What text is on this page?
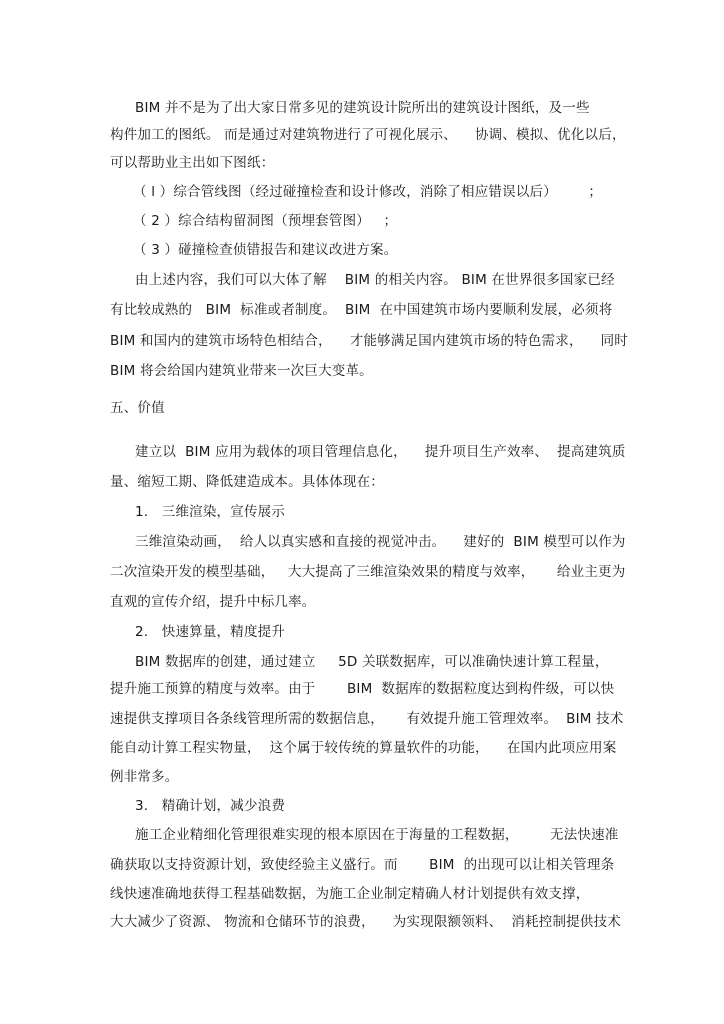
BIM 并不是为了出大家日常多见的建筑设计院所出的建筑设计图纸，及一些
构件加工的图纸。 而是通过对建筑物进行了可视化展示、    协调、模拟、优化以后，
可以帮助业主出如下图纸：
（ l ）综合管线图（经过碰撞检查和设计修改，消除了相应错误以后）       ；
（ 2 ）综合结构留洞图（预埋套管图）   ；
（ 3 ）碰撞检查侦错报告和建议改进方案。
由上述内容，我们可以大体了解    BIM 的相关内容。 BIM 在世界很多国家已经
有比较成熟的   BIM  标准或者制度。  BIM  在中国建筑市场内要顺利发展，必须将
BIM 和国内的建筑市场特色相结合，    才能够满足国内建筑市场的特色需求，    同时
BIM 将会给国内建筑业带来一次巨大变革。
五、价值
建立以  BIM 应用为载体的项目管理信息化，    提升项目生产效率、  提高建筑质
量、缩短工期、降低建造成本。具体体现在：
1.   三维渲染，宣传展示
三维渲染动画，  给人以真实感和直接的视觉冲击。    建好的  BIM 模型可以作为
二次渲染开发的模型基础，   大大提高了三维渲染效果的精度与效率，     给业主更为
直观的宣传介绍，提升中标几率。
2.   快速算量，精度提升
BIM 数据库的创建，通过建立     5D 关联数据库，可以准确快速计算工程量，
提升施工预算的精度与效率。由于       BIM  数据库的数据粒度达到构件级，可以快
速提供支撑项目各条线管理所需的数据信息，     有效提升施工管理效率。  BIM 技术
能自动计算工程实物量，  这个属于较传统的算量软件的功能，    在国内此项应用案
例非常多。
3.   精确计划，减少浪费
施工企业精细化管理很难实现的根本原因在于海量的工程数据，       无法快速准
确获取以支持资源计划，致使经验主义盛行。而       BIM  的出现可以让相关管理条
线快速准确地获得工程基础数据，为施工企业制定精确人材计划提供有效支撑，
大大减少了资源、 物流和仓储环节的浪费，    为实现限额领料、  消耗控制提供技术
